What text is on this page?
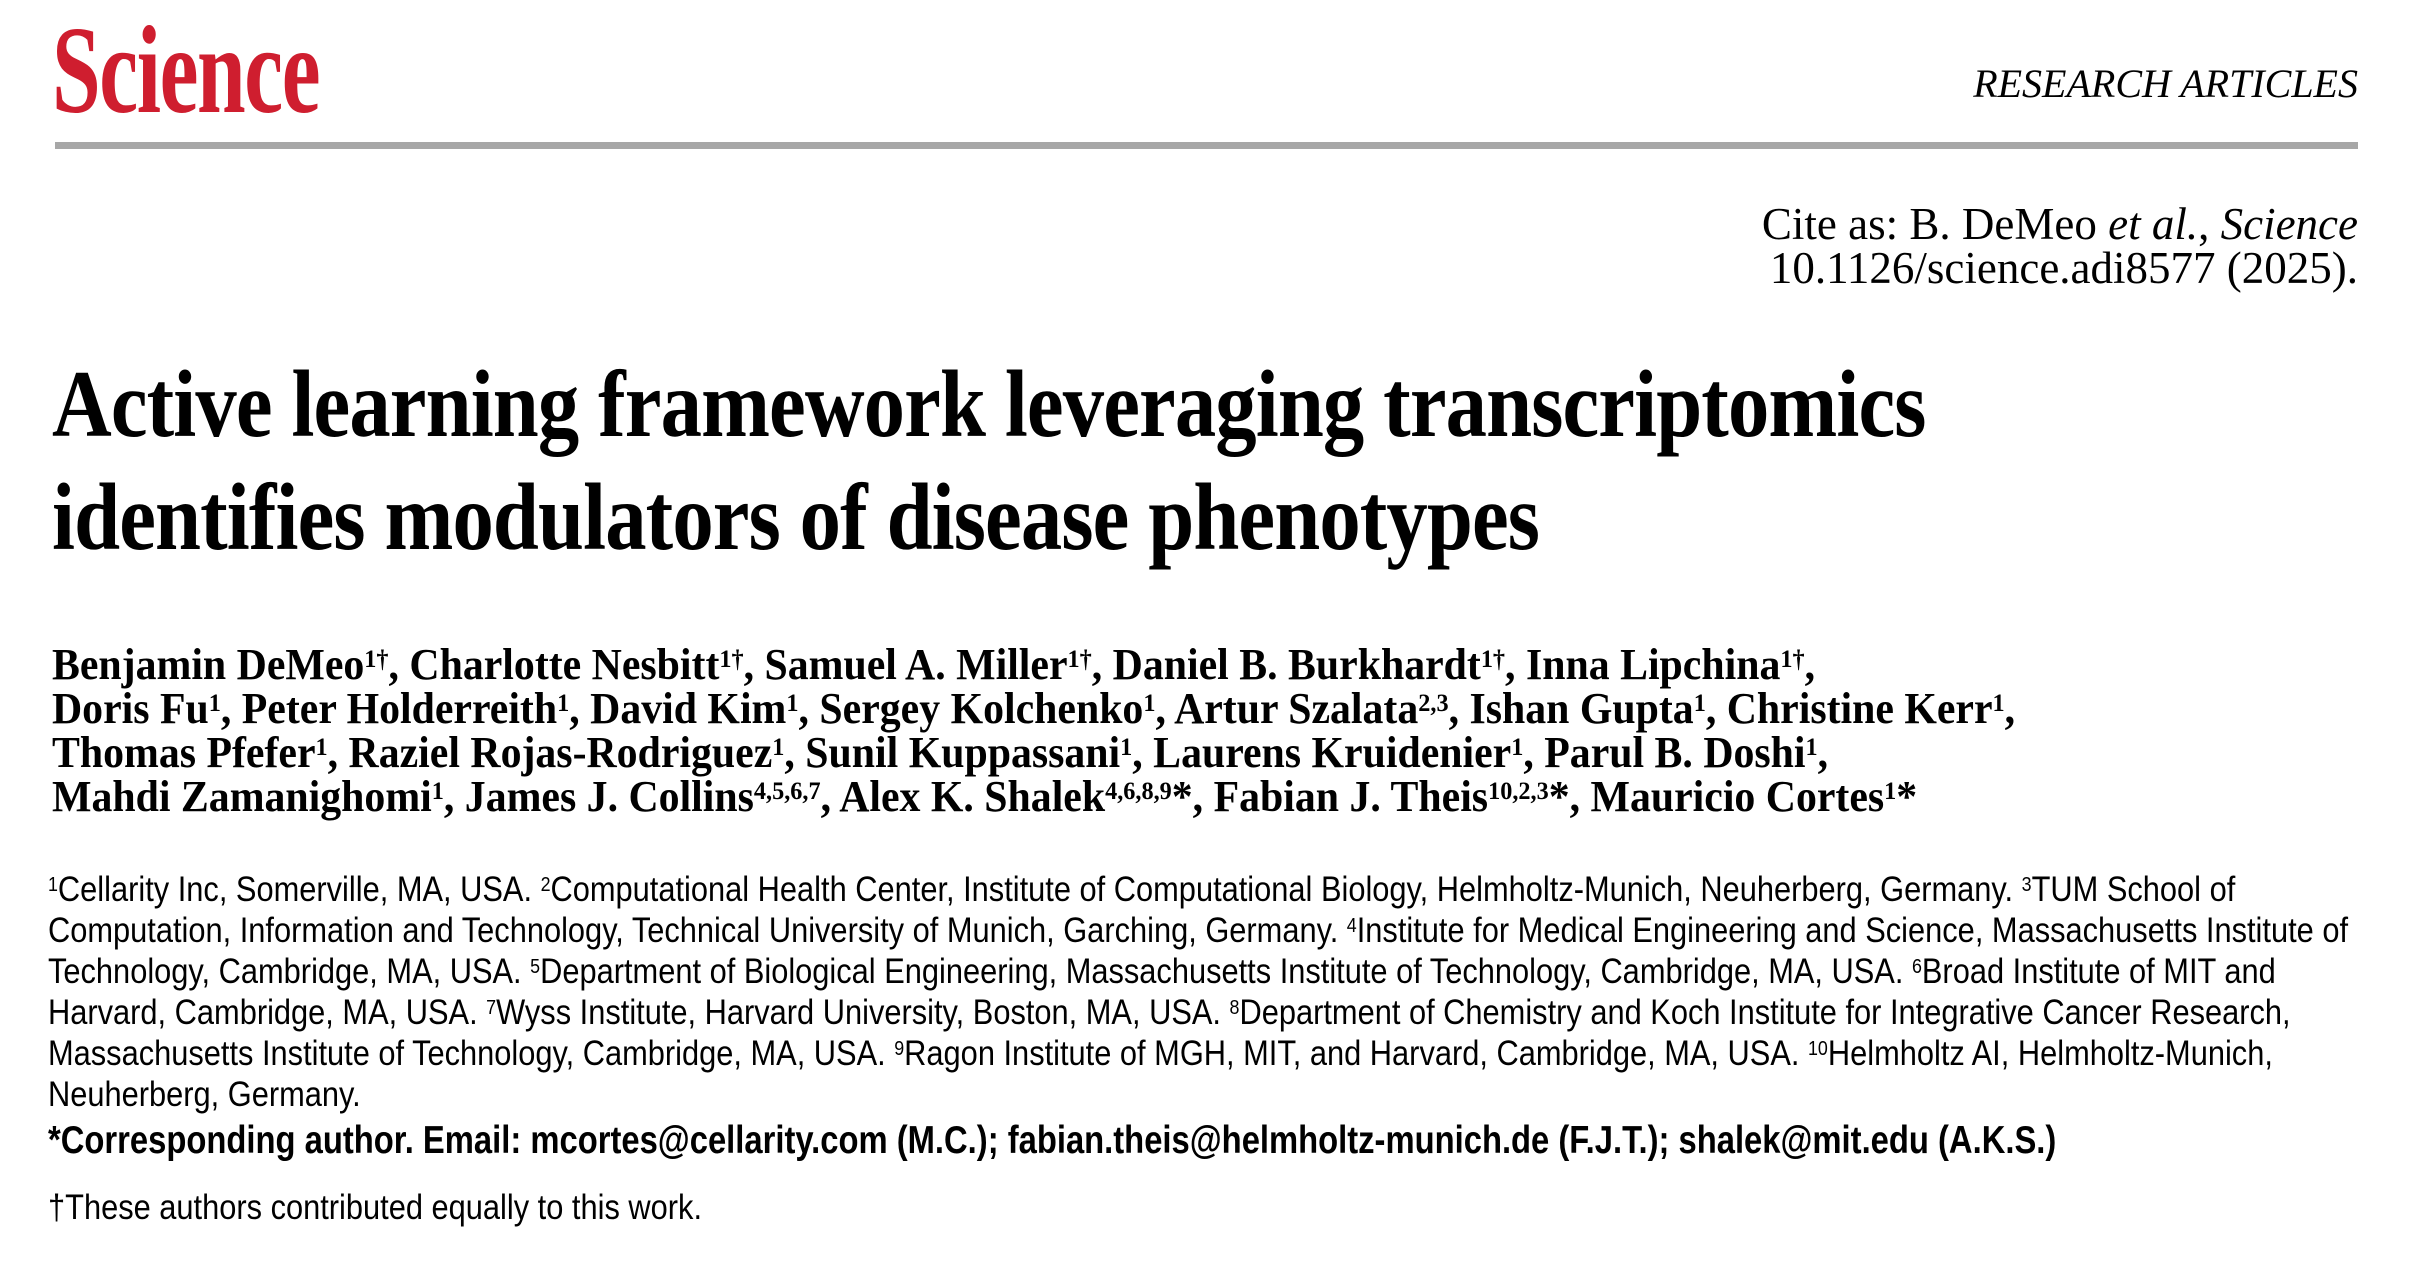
Science	RESEARCH ARTICLES
Cite as: B. DeMeo et al., Science
10.1126/science.adi8577 (2025).
Active learning framework leveraging transcriptomics
identifies modulators of disease phenotypes
Benjamin DeMeo$^{1\dagger}$, Charlotte Nesbitt$^{1\dagger}$, Samuel A. Miller$^{1\dagger}$, Daniel B. Burkhardt$^{1\dagger}$, Inna Lipchina$^{1\dagger}$,
Doris Fu$^1$, Peter Holderreith$^1$, David Kim$^1$, Sergey Kolchenko$^1$, Artur Szalata$^{2,3}$, Ishan Gupta$^1$, Christine Kerr$^1$,
Thomas Pfefer$^1$, Raziel Rojas-Rodriguez$^1$, Sunil Kuppassani$^1$, Laurens Kruidenier$^1$, Parul B. Doshi$^1$,
Mahdi Zamanighomi$^1$, James J. Collins$^{4,5,6,7}$, Alex K. Shalek$^{4,6,8,9}$*, Fabian J. Theis$^{10,2,3}$*, Mauricio Cortes$^1$*
$^1$Cellarity Inc, Somerville, MA, USA. $^2$Computational Health Center, Institute of Computational Biology, Helmholtz-Munich, Neuherberg, Germany. $^3$TUM School of
Computation, Information and Technology, Technical University of Munich, Garching, Germany. $^4$Institute for Medical Engineering and Science, Massachusetts Institute of
Technology, Cambridge, MA, USA. $^5$Department of Biological Engineering, Massachusetts Institute of Technology, Cambridge, MA, USA. $^6$Broad Institute of MIT and
Harvard, Cambridge, MA, USA. $^7$Wyss Institute, Harvard University, Boston, MA, USA. $^8$Department of Chemistry and Koch Institute for Integrative Cancer Research,
Massachusetts Institute of Technology, Cambridge, MA, USA. $^9$Ragon Institute of MGH, MIT, and Harvard, Cambridge, MA, USA. $^{10}$Helmholtz AI, Helmholtz-Munich,
Neuherberg, Germany.
*Corresponding author. Email: mcortes@cellarity.com (M.C.); fabian.theis@helmholtz-munich.de (F.J.T.); shalek@mit.edu (A.K.S.)
†These authors contributed equally to this work.
